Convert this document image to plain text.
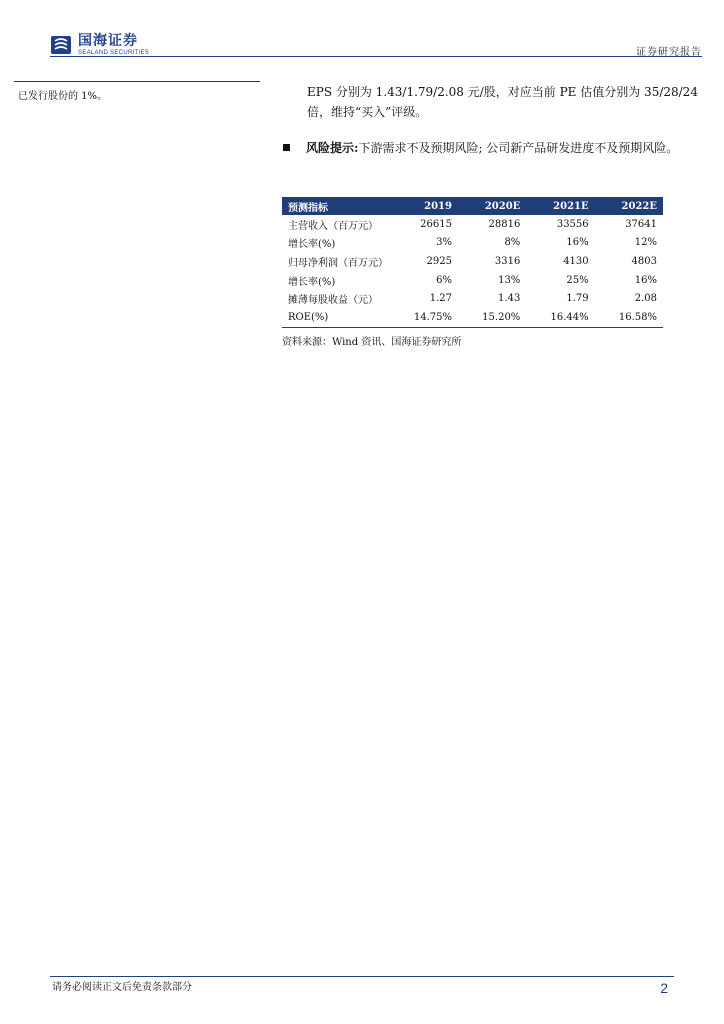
国海证券
SEALAND SECURITIES	证券研究报告
已发行股份的 1%。	EPS 分别为 1.43/1.79/2.08 元/股，对应当前 PE 估值分别为 35/28/24
倍，维持“买入”评级。
风险提示: 下游需求不及预期风险; 公司新产品研发进度不及预期风险。
预测指标	2019	2020E	2021E	2022E
主营收入（百万元）	26615	28816	33556	37641
增长率(%)	3%	8%	16%	12%
归母净利润（百万元）	2925	3316	4130	4803
增长率(%)	6%	13%	25%	16%
摊薄每股收益（元）	1.27	1.43	1.79	2.08
ROE(%)	14.75%	15.20%	16.44%	16.58%
资料来源：Wind 资讯、国海证券研究所
请务必阅读正文后免责条款部分	2
